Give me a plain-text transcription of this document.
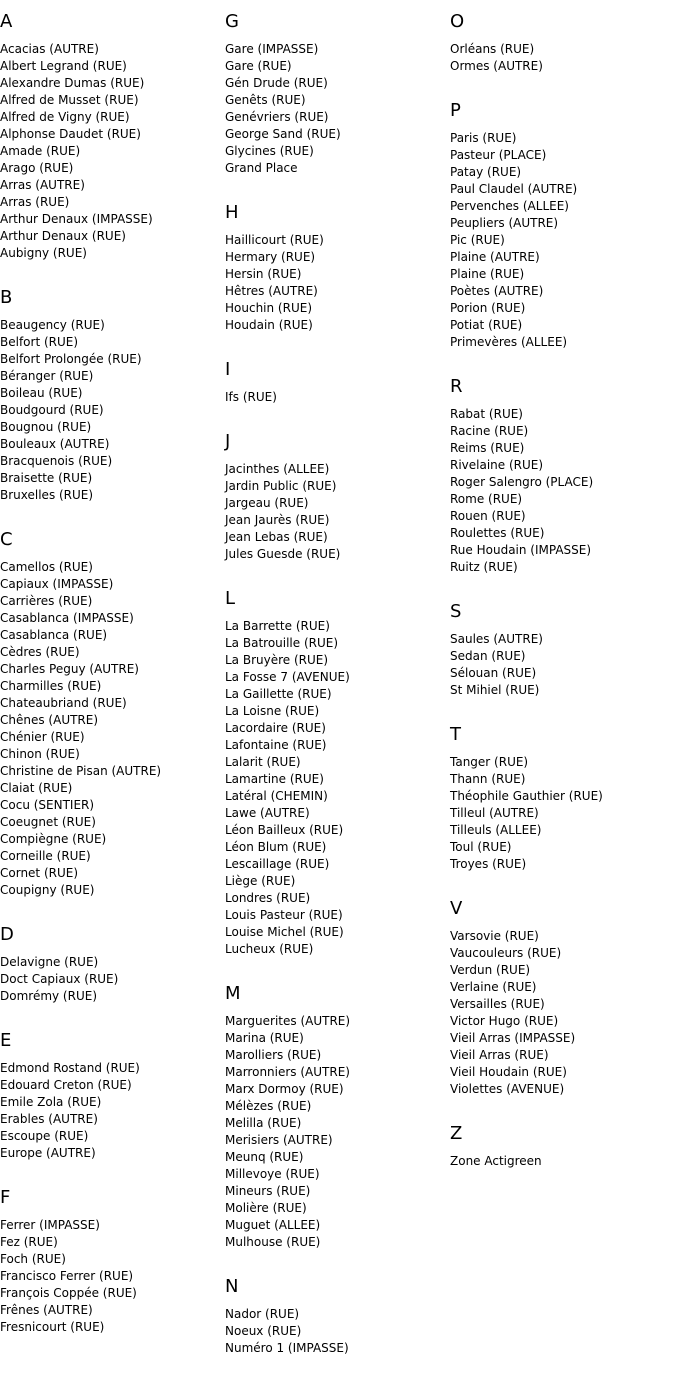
A
Acacias (AUTRE)
Albert Legrand (RUE)
Alexandre Dumas (RUE)
Alfred de Musset (RUE)
Alfred de Vigny (RUE)
Alphonse Daudet (RUE)
Amade (RUE)
Arago (RUE)
Arras (AUTRE)
Arras (RUE)
Arthur Denaux (IMPASSE)
Arthur Denaux (RUE)
Aubigny (RUE)
B
Beaugency (RUE)
Belfort (RUE)
Belfort Prolongée (RUE)
Béranger (RUE)
Boileau (RUE)
Boudgourd (RUE)
Bougnou (RUE)
Bouleaux (AUTRE)
Bracquenois (RUE)
Braisette (RUE)
Bruxelles (RUE)
C
Camellos (RUE)
Capiaux (IMPASSE)
Carrières (RUE)
Casablanca (IMPASSE)
Casablanca (RUE)
Cèdres (RUE)
Charles Peguy (AUTRE)
Charmilles (RUE)
Chateaubriand (RUE)
Chênes (AUTRE)
Chénier (RUE)
Chinon (RUE)
Christine de Pisan (AUTRE)
Claiat (RUE)
Cocu (SENTIER)
Coeugnet (RUE)
Compiègne (RUE)
Corneille (RUE)
Cornet (RUE)
Coupigny (RUE)
D
Delavigne (RUE)
Doct Capiaux (RUE)
Domrémy (RUE)
E
Edmond Rostand (RUE)
Edouard Creton (RUE)
Emile Zola (RUE)
Erables (AUTRE)
Escoupe (RUE)
Europe (AUTRE)
F
Ferrer (IMPASSE)
Fez (RUE)
Foch (RUE)
Francisco Ferrer (RUE)
François Coppée (RUE)
Frênes (AUTRE)
Fresnicourt (RUE)
G
Gare (IMPASSE)
Gare (RUE)
Gén Drude (RUE)
Genêts (RUE)
Genévriers (RUE)
George Sand (RUE)
Glycines (RUE)
Grand Place
H
Haillicourt (RUE)
Hermary (RUE)
Hersin (RUE)
Hêtres (AUTRE)
Houchin (RUE)
Houdain (RUE)
I
Ifs (RUE)
J
Jacinthes (ALLEE)
Jardin Public (RUE)
Jargeau (RUE)
Jean Jaurès (RUE)
Jean Lebas (RUE)
Jules Guesde (RUE)
L
La Barrette (RUE)
La Batrouille (RUE)
La Bruyère (RUE)
La Fosse 7 (AVENUE)
La Gaillette (RUE)
La Loisne (RUE)
Lacordaire (RUE)
Lafontaine (RUE)
Lalarit (RUE)
Lamartine (RUE)
Latéral (CHEMIN)
Lawe (AUTRE)
Léon Bailleux (RUE)
Léon Blum (RUE)
Lescaillage (RUE)
Liège (RUE)
Londres (RUE)
Louis Pasteur (RUE)
Louise Michel (RUE)
Lucheux (RUE)
M
Marguerites (AUTRE)
Marina (RUE)
Marolliers (RUE)
Marronniers (AUTRE)
Marx Dormoy (RUE)
Mélèzes (RUE)
Melilla (RUE)
Merisiers (AUTRE)
Meunq (RUE)
Millevoye (RUE)
Mineurs (RUE)
Molière (RUE)
Muguet (ALLEE)
Mulhouse (RUE)
N
Nador (RUE)
Noeux (RUE)
Numéro 1 (IMPASSE)
O
Orléans (RUE)
Ormes (AUTRE)
P
Paris (RUE)
Pasteur (PLACE)
Patay (RUE)
Paul Claudel (AUTRE)
Pervenches (ALLEE)
Peupliers (AUTRE)
Pic (RUE)
Plaine (AUTRE)
Plaine (RUE)
Poètes (AUTRE)
Porion (RUE)
Potiat (RUE)
Primevères (ALLEE)
R
Rabat (RUE)
Racine (RUE)
Reims (RUE)
Rivelaine (RUE)
Roger Salengro (PLACE)
Rome (RUE)
Rouen (RUE)
Roulettes (RUE)
Rue Houdain (IMPASSE)
Ruitz (RUE)
S
Saules (AUTRE)
Sedan (RUE)
Sélouan (RUE)
St Mihiel (RUE)
T
Tanger (RUE)
Thann (RUE)
Théophile Gauthier (RUE)
Tilleul (AUTRE)
Tilleuls (ALLEE)
Toul (RUE)
Troyes (RUE)
V
Varsovie (RUE)
Vaucouleurs (RUE)
Verdun (RUE)
Verlaine (RUE)
Versailles (RUE)
Victor Hugo (RUE)
Vieil Arras (IMPASSE)
Vieil Arras (RUE)
Vieil Houdain (RUE)
Violettes (AVENUE)
Z
Zone Actigreen
